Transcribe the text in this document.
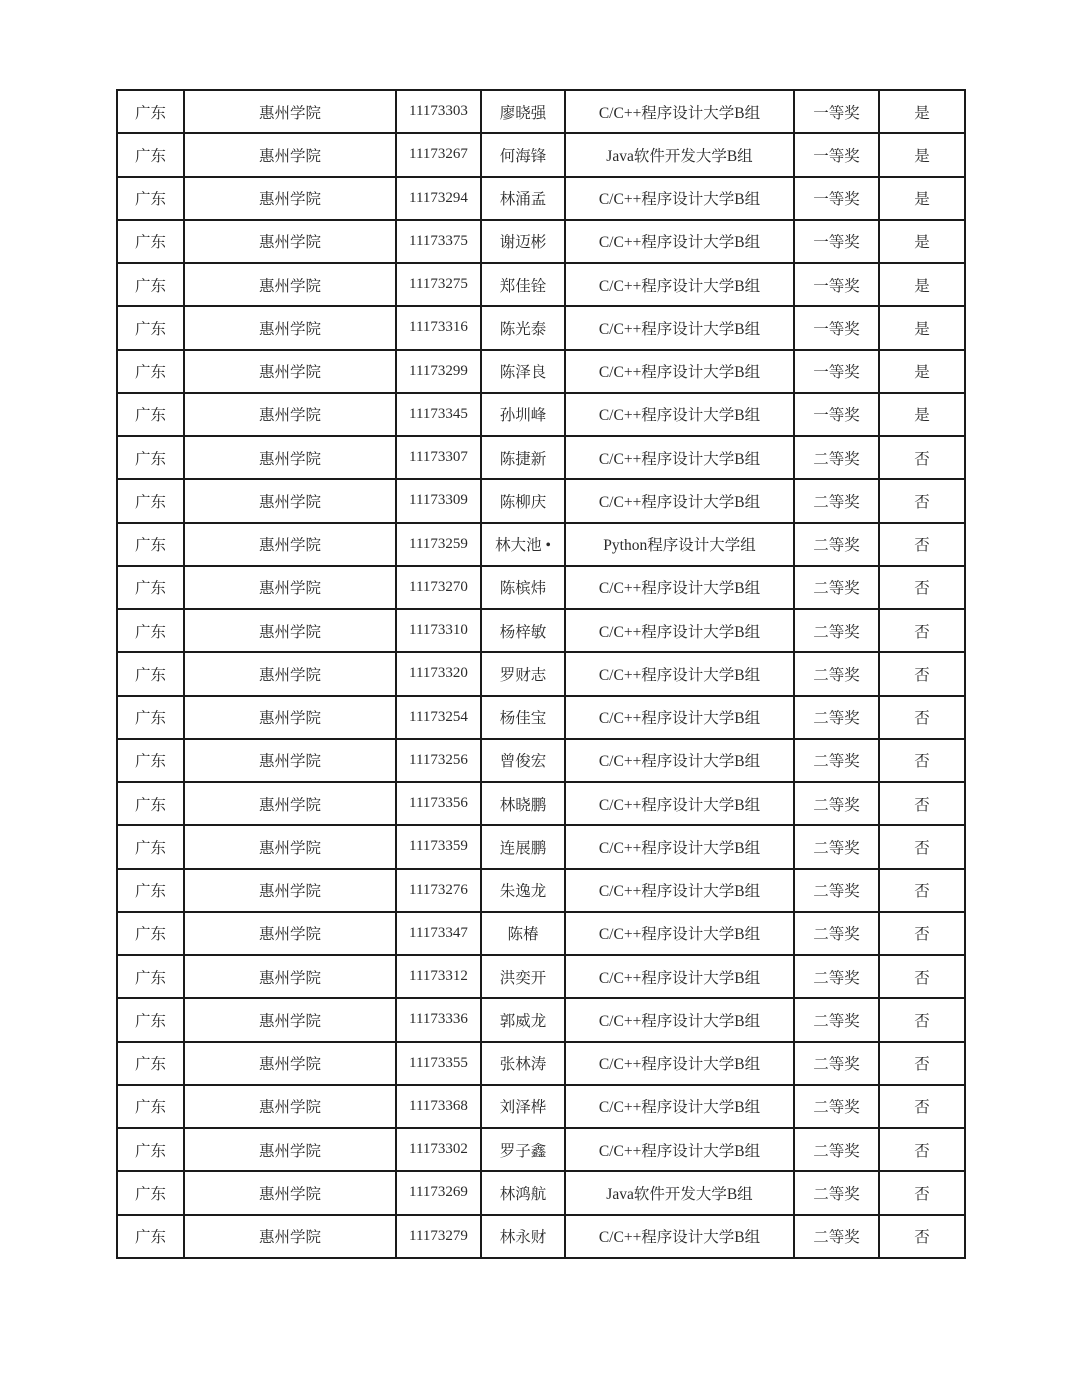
广东	惠州学院	11173303	廖晓强	C/C++程序设计大学B组	一等奖	是
广东	惠州学院	11173267	何海锋	Java软件开发大学B组	一等奖	是
广东	惠州学院	11173294	林涌孟	C/C++程序设计大学B组	一等奖	是
广东	惠州学院	11173375	谢迈彬	C/C++程序设计大学B组	一等奖	是
广东	惠州学院	11173275	郑佳铨	C/C++程序设计大学B组	一等奖	是
广东	惠州学院	11173316	陈光泰	C/C++程序设计大学B组	一等奖	是
广东	惠州学院	11173299	陈泽良	C/C++程序设计大学B组	一等奖	是
广东	惠州学院	11173345	孙圳峰	C/C++程序设计大学B组	一等奖	是
广东	惠州学院	11173307	陈捷新	C/C++程序设计大学B组	二等奖	否
广东	惠州学院	11173309	陈柳庆	C/C++程序设计大学B组	二等奖	否
广东	惠州学院	11173259	林大池 •	Python程序设计大学组	二等奖	否
广东	惠州学院	11173270	陈槟炜	C/C++程序设计大学B组	二等奖	否
广东	惠州学院	11173310	杨梓敏	C/C++程序设计大学B组	二等奖	否
广东	惠州学院	11173320	罗财志	C/C++程序设计大学B组	二等奖	否
广东	惠州学院	11173254	杨佳宝	C/C++程序设计大学B组	二等奖	否
广东	惠州学院	11173256	曾俊宏	C/C++程序设计大学B组	二等奖	否
广东	惠州学院	11173356	林晓鹏	C/C++程序设计大学B组	二等奖	否
广东	惠州学院	11173359	连展鹏	C/C++程序设计大学B组	二等奖	否
广东	惠州学院	11173276	朱逸龙	C/C++程序设计大学B组	二等奖	否
广东	惠州学院	11173347	陈椿	C/C++程序设计大学B组	二等奖	否
广东	惠州学院	11173312	洪奕开	C/C++程序设计大学B组	二等奖	否
广东	惠州学院	11173336	郭威龙	C/C++程序设计大学B组	二等奖	否
广东	惠州学院	11173355	张林涛	C/C++程序设计大学B组	二等奖	否
广东	惠州学院	11173368	刘泽桦	C/C++程序设计大学B组	二等奖	否
广东	惠州学院	11173302	罗子鑫	C/C++程序设计大学B组	二等奖	否
广东	惠州学院	11173269	林鸿航	Java软件开发大学B组	二等奖	否
广东	惠州学院	11173279	林永财	C/C++程序设计大学B组	二等奖	否
